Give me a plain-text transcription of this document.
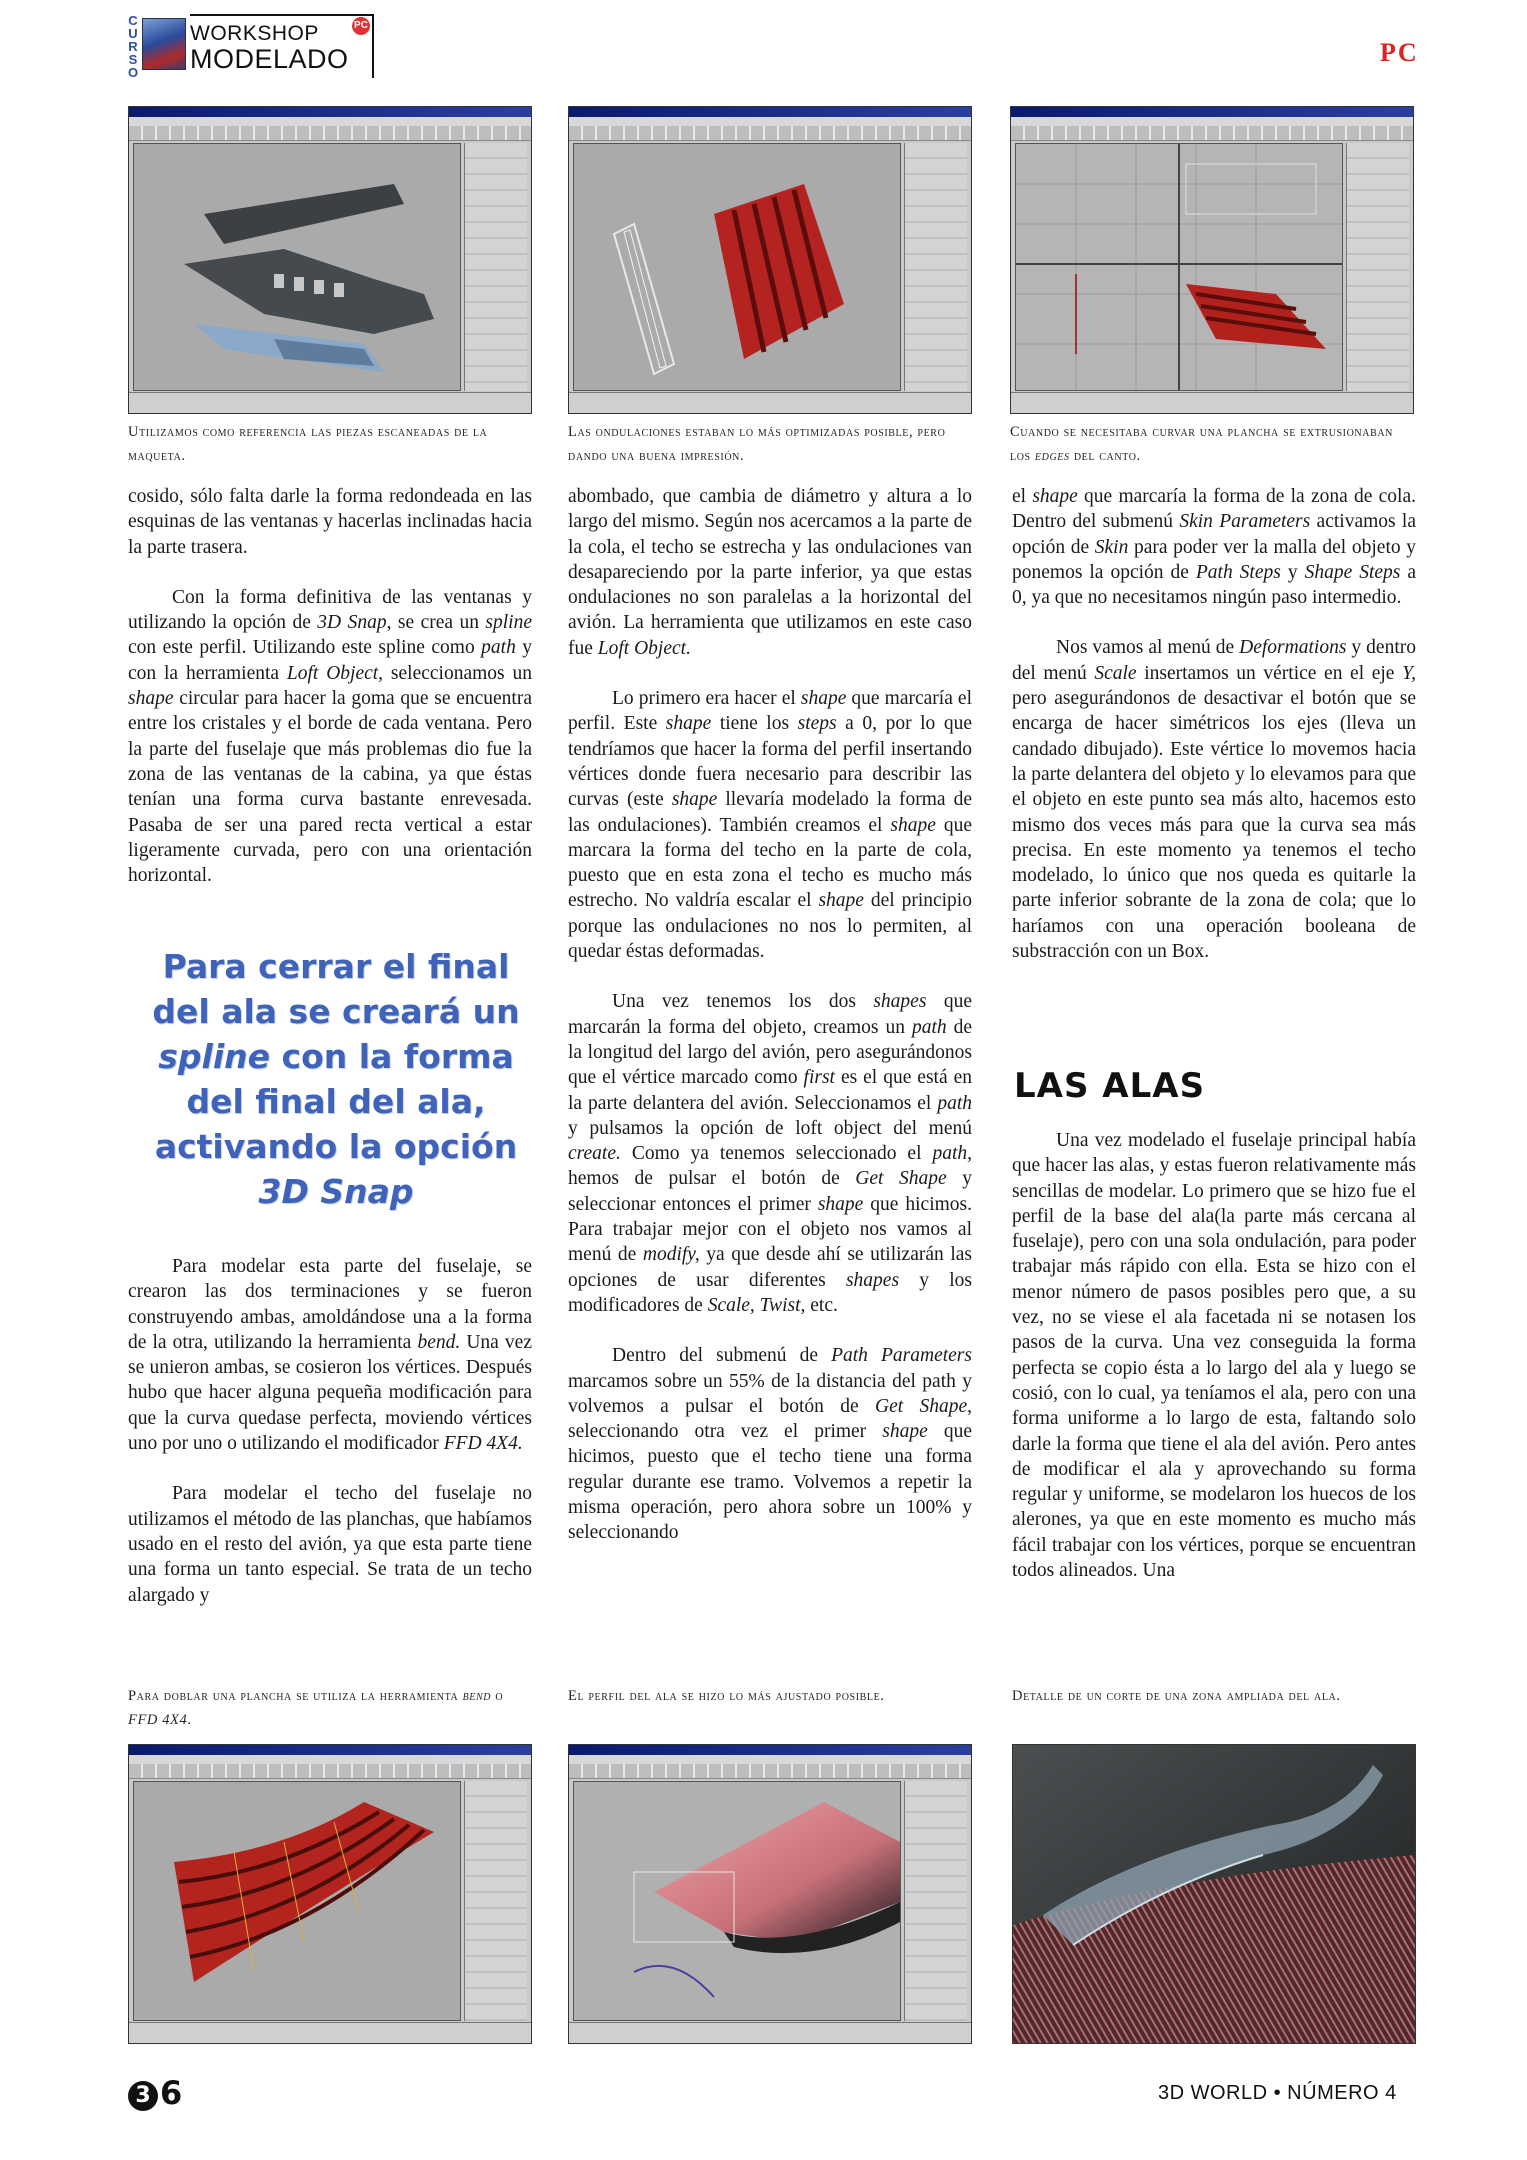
C
U
R
S
O
WORKSHOP
MODELADO
PC
PC
Utilizamos como referencia las piezas escaneadas de la maqueta.
Las ondulaciones estaban lo más optimizadas posible, pero dando una buena impresión.
Cuando se necesitaba curvar una plancha se extrusionaban los edges del canto.

cosido, sólo falta darle la forma redondeada en las esquinas de las ventanas y hacerlas inclinadas hacia la parte trasera.

Con la forma definitiva de las ventanas y utilizando la opción de 3D Snap, se crea un spline con este perfil. Utilizando este spline como path y con la herramienta Loft Object, seleccionamos un shape circular para hacer la goma que se encuentra entre los cristales y el borde de cada ventana. Pero la parte del fuselaje que más problemas dio fue la zona de las ventanas de la cabina, ya que éstas tenían una forma curva bastante enrevesada. Pasaba de ser una pared recta vertical a estar ligeramente curvada, pero con una orientación horizontal.

Para cerrar el final del ala se creará un spline con la forma del final del ala, activando la opción 3D Snap

Para modelar esta parte del fuselaje, se crearon las dos terminaciones y se fueron construyendo ambas, amoldándose una a la forma de la otra, utilizando la herramienta bend. Una vez se unieron ambas, se cosieron los vértices. Después hubo que hacer alguna pequeña modificación para que la curva quedase perfecta, moviendo vértices uno por uno o utilizando el modificador FFD 4X4.

Para modelar el techo del fuselaje no utilizamos el método de las planchas, que habíamos usado en el resto del avión, ya que esta parte tiene una forma un tanto especial. Se trata de un techo alargado y

abombado, que cambia de diámetro y altura a lo largo del mismo. Según nos acercamos a la parte de la cola, el techo se estrecha y las ondulaciones van desapareciendo por la parte inferior, ya que estas ondulaciones no son paralelas a la horizontal del avión. La herramienta que utilizamos en este caso fue Loft Object.

Lo primero era hacer el shape que marcaría el perfil. Este shape tiene los steps a 0, por lo que tendríamos que hacer la forma del perfil insertando vértices donde fuera necesario para describir las curvas (este shape llevaría modelado la forma de las ondulaciones). También creamos el shape que marcara la forma del techo en la parte de cola, puesto que en esta zona el techo es mucho más estrecho. No valdría escalar el shape del principio porque las ondulaciones no nos lo permiten, al quedar éstas deformadas.

Una vez tenemos los dos shapes que marcarán la forma del objeto, creamos un path de la longitud del largo del avión, pero asegurándonos que el vértice marcado como first es el que está en la parte delantera del avión. Seleccionamos el path y pulsamos la opción de loft object del menú create. Como ya tenemos seleccionado el path, hemos de pulsar el botón de Get Shape y seleccionar entonces el primer shape que hicimos. Para trabajar mejor con el objeto nos vamos al menú de modify, ya que desde ahí se utilizarán las opciones de usar diferentes shapes y los modificadores de Scale, Twist, etc.

Dentro del submenú de Path Parameters marcamos sobre un 55% de la distancia del path y volvemos a pulsar el botón de Get Shape, seleccionando otra vez el primer shape que hicimos, puesto que el techo tiene una forma regular durante ese tramo. Volvemos a repetir la misma operación, pero ahora sobre un 100% y seleccionando

el shape que marcaría la forma de la zona de cola. Dentro del submenú Skin Parameters activamos la opción de Skin para poder ver la malla del objeto y ponemos la opción de Path Steps y Shape Steps a 0, ya que no necesitamos ningún paso intermedio.

Nos vamos al menú de Deformations y dentro del menú Scale insertamos un vértice en el eje Y, pero asegurándonos de desactivar el botón que se encarga de hacer simétricos los ejes (lleva un candado dibujado). Este vértice lo movemos hacia la parte delantera del objeto y lo elevamos para que el objeto en este punto sea más alto, hacemos esto mismo dos veces más para que la curva sea más precisa. En este momento ya tenemos el techo modelado, lo único que nos queda es quitarle la parte inferior sobrante de la zona de cola; que lo haríamos con una operación booleana de substracción con un Box.

LAS ALAS

Una vez modelado el fuselaje principal había que hacer las alas, y estas fueron relativamente más sencillas de modelar. Lo primero que se hizo fue el perfil de la base del ala(la parte más cercana al fuselaje), pero con una sola ondulación, para poder trabajar más rápido con ella. Esta se hizo con el menor número de pasos posibles pero que, a su vez, no se viese el ala facetada ni se notasen los pasos de la curva. Una vez conseguida la forma perfecta se copio ésta a lo largo del ala y luego se cosió, con lo cual, ya teníamos el ala, pero con una forma uniforme a lo largo de esta, faltando solo darle la forma que tiene el ala del avión. Pero antes de modificar el ala y aprovechando su forma regular y uniforme, se modelaron los huecos de los alerones, ya que en este momento es mucho más fácil trabajar con los vértices, porque se encuentran todos alineados. Una

Para doblar una plancha se utiliza la herramienta bend o FFD 4X4.
El perfil del ala se hizo lo más ajustado posible.	Detalle de un corte de una zona ampliada del ala.
3 6	3D WORLD • NÚMERO 4
